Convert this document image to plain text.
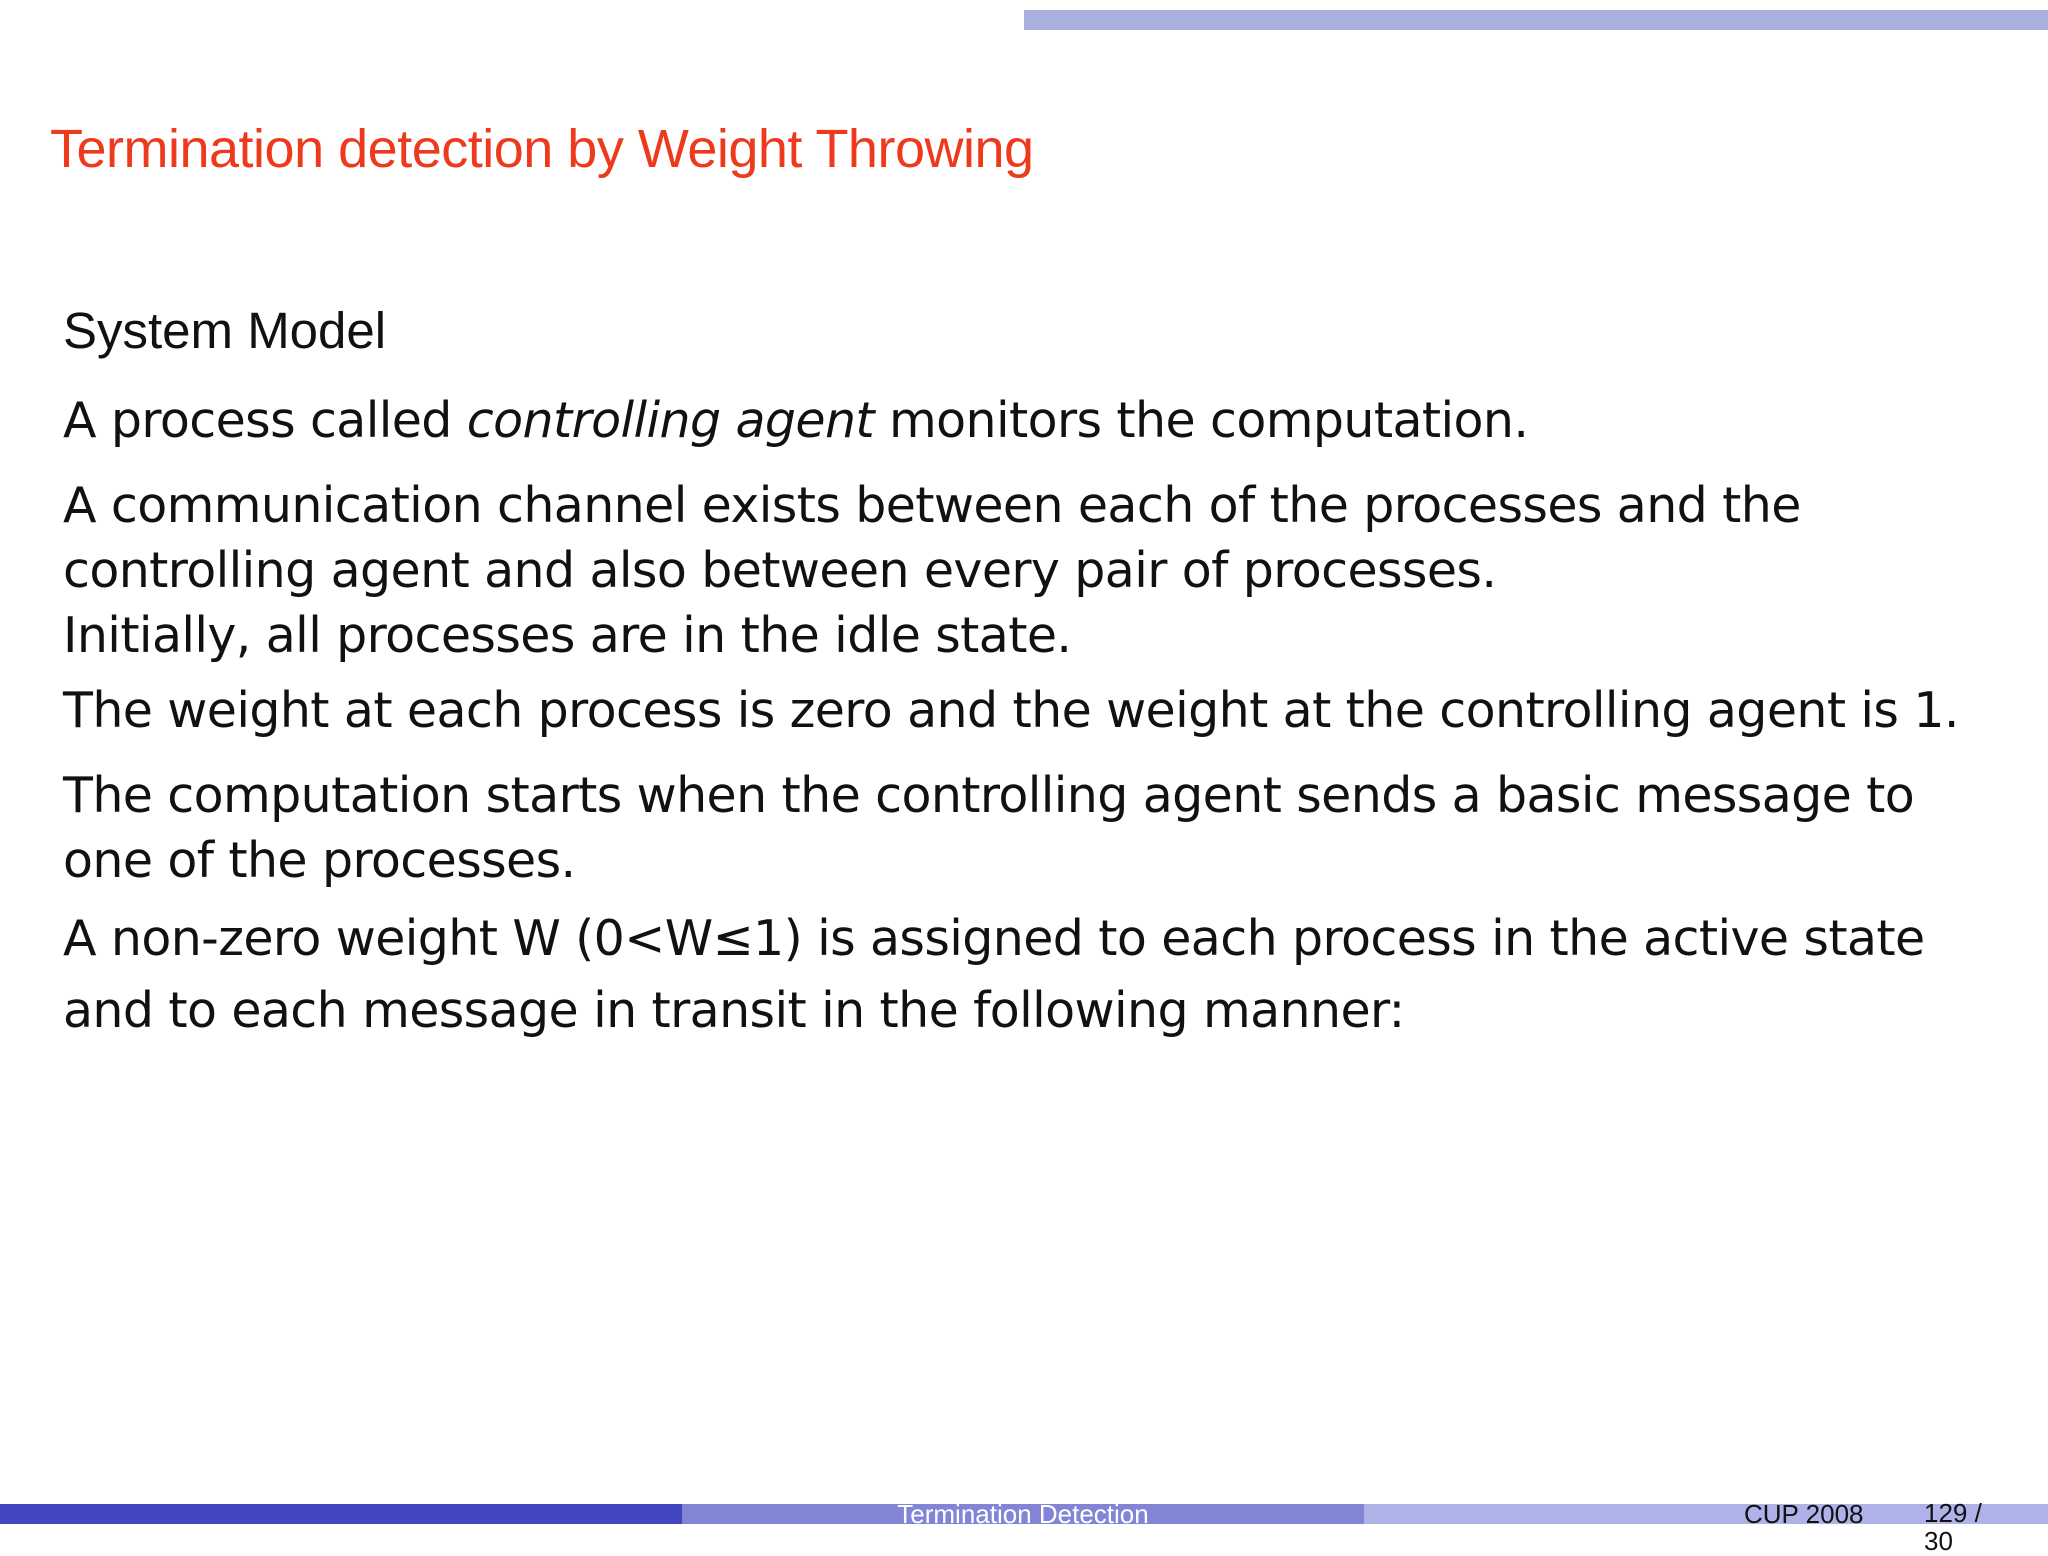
Termination detection by Weight Throwing
System Model
A process called controlling agent monitors the computation.
A communication channel exists between each of the processes and the
controlling agent and also between every pair of processes.
Initially, all processes are in the idle state.
The weight at each process is zero and the weight at the controlling agent is 1.
The computation starts when the controlling agent sends a basic message to
one of the processes.
A non-zero weight W (0<W≤1) is assigned to each process in the active state
and to each message in transit in the following manner:
Termination Detection	CUP 2008 129 /
30
